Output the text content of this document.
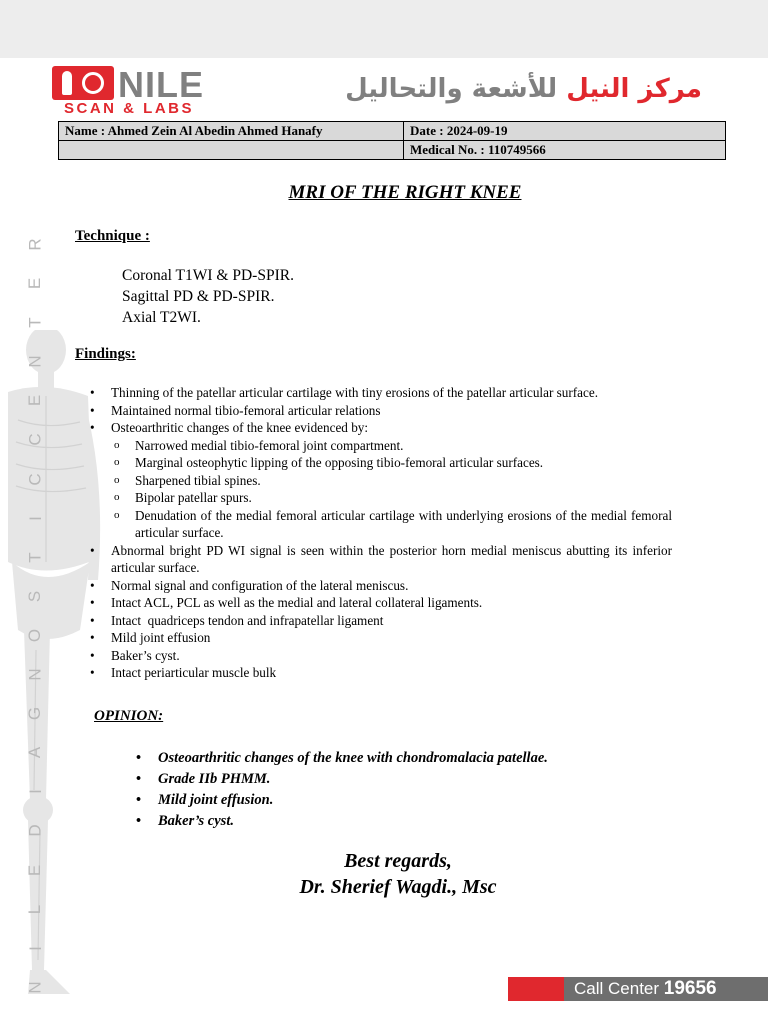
NILE
SCAN & LABS
مركز النيل للأشعة والتحاليل
R
E
T
N
E
C
C
I
T
S
O
N
G
A
I
D
E
L
I
N
Name : Ahmed Zein Al Abedin Ahmed Hanafy	Date : 2024-09-19
	Medical No. : 110749566
MRI OF THE RIGHT KNEE
Technique :
Coronal T1WI & PD-SPIR.
Sagittal PD & PD-SPIR.
Axial T2WI.
Findings:
• Thinning of the patellar articular cartilage with tiny erosions of the patellar articular surface.
• Maintained normal tibio-femoral articular relations
• Osteoarthritic changes of the knee evidenced by:
o Narrowed medial tibio-femoral joint compartment.
o Marginal osteophytic lipping of the opposing tibio-femoral articular surfaces.
o Sharpened tibial spines.
o Bipolar patellar spurs.
o Denudation of the medial femoral articular cartilage with underlying erosions of the medial femoral articular surface.
• Abnormal bright PD WI signal is seen within the posterior horn medial meniscus abutting its inferior articular surface.
• Normal signal and configuration of the lateral meniscus.
• Intact ACL, PCL as well as the medial and lateral collateral ligaments.
• Intact  quadriceps tendon and infrapatellar ligament
• Mild joint effusion
• Baker’s cyst.
• Intact periarticular muscle bulk
OPINION:
• Osteoarthritic changes of the knee with chondromalacia patellae.
• Grade IIb PHMM.
• Mild joint effusion.
• Baker’s cyst.
Best regards,
Dr. Sherief Wagdi., Msc
Call Center 19656
